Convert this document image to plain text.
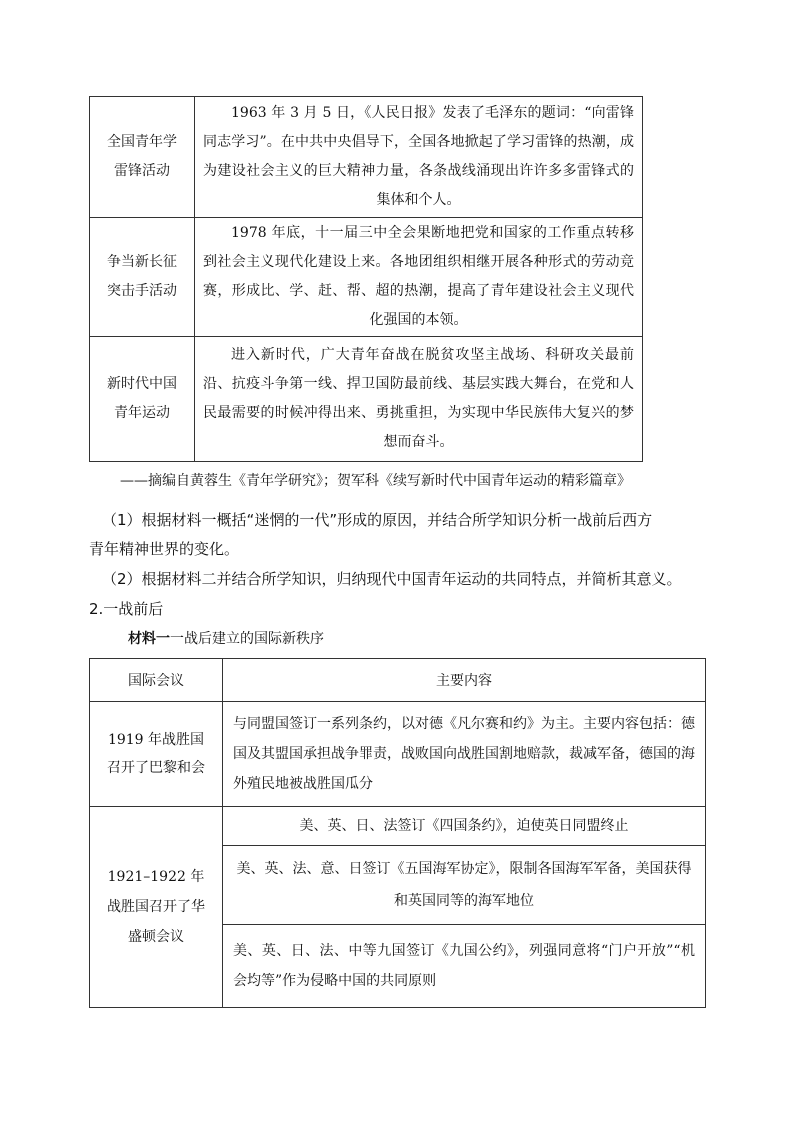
全国青年学雷锋活动	1963 年 3 月 5 日，《人民日报》发表了毛泽东的题词：“向雷锋同志学习”。在中共中央倡导下，全国各地掀起了学习雷锋的热潮，成为建设社会主义的巨大精神力量，各条战线涌现出许许多多雷锋式的集体和个人。

争当新长征突击手活动	1978 年底，十一届三中全会果断地把党和国家的工作重点转移到社会主义现代化建设上来。各地团组织相继开展各种形式的劳动竞赛，形成比、学、赶、帮、超的热潮，提高了青年建设社会主义现代化强国的本领。

新时代中国青年运动	进入新时代，广大青年奋战在脱贫攻坚主战场、科研攻关最前沿、抗疫斗争第一线、捍卫国防最前线、基层实践大舞台，在党和人民最需要的时候冲得出来、勇挑重担，为实现中华民族伟大复兴的梦想而奋斗。
——摘编自黄蓉生《青年学研究》；贺军科《续写新时代中国青年运动的精彩篇章》
（1）根据材料一概括“迷惘的一代”形成的原因，并结合所学知识分析一战前后西方
青年精神世界的变化。
（2）根据材料二并结合所学知识，归纳现代中国青年运动的共同特点，并简析其意义。
2.一战前后
材料一一战后建立的国际新秩序
国际会议	主要内容

1919 年战胜国召开了巴黎和会	与同盟国签订一系列条约，以对德《凡尔赛和约》为主。主要内容包括：德国及其盟国承担战争罪责，战败国向战胜国割地赔款，裁减军备，德国的海外殖民地被战胜国瓜分

1921–1922 年战胜国召开了华盛顿会议	美、英、日、法签订《四国条约》，迫使英日同盟终止
	美、英、法、意、日签订《五国海军协定》，限制各国海军军备，美国获得和英国同等的海军地位
	美、英、日、法、中等九国签订《九国公约》，列强同意将“门户开放”“机会均等”作为侵略中国的共同原则
